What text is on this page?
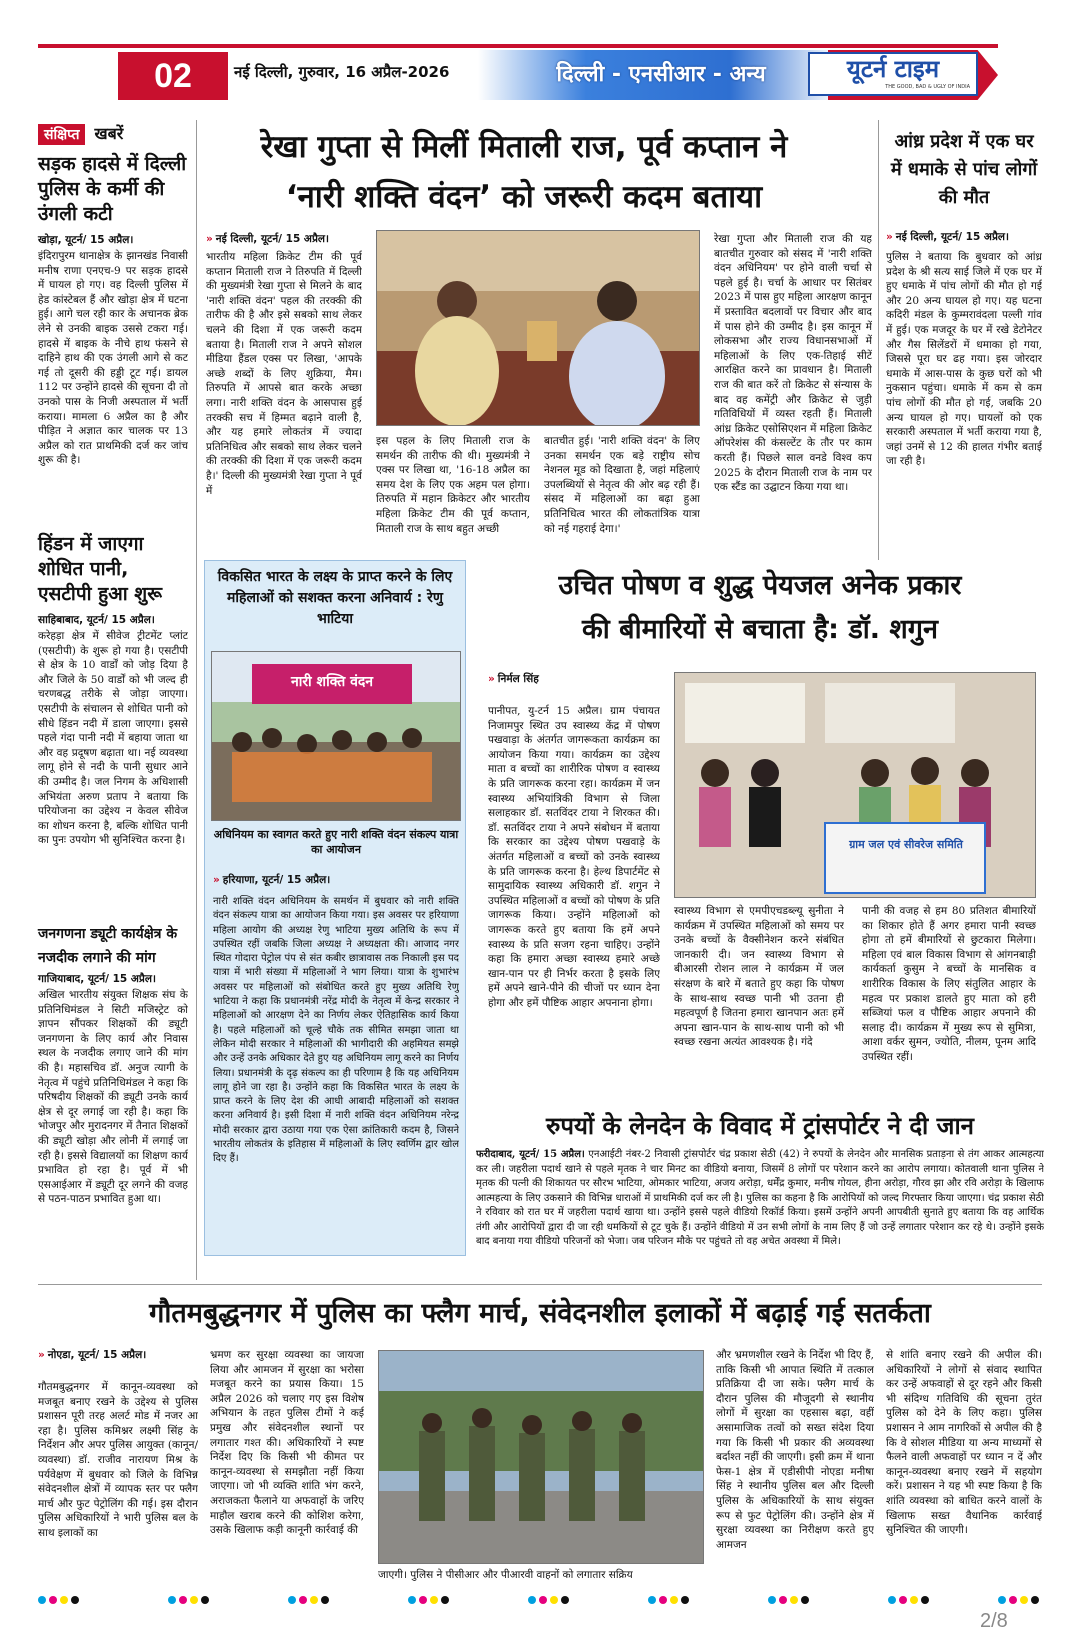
02	नई दिल्ली, गुरुवार, 16 अप्रैल-2026	दिल्ली - एनसीआर - अन्य	यूटर्न टाइम
THE GOOD, BAD & UGLY OF INDIA
संक्षिप्त खबरें
सड़क हादसे में दिल्ली पुलिस के कर्मी की उंगली कटी
खोड़ा, यूटर्न/ 15 अप्रैल।
इंदिरापुरम थानाक्षेत्र के झानखंड निवासी मनीष राणा एनएच-9 पर सड़क हादसे में घायल हो गए। वह दिल्ली पुलिस में हेड कांस्टेबल हैं और खोड़ा क्षेत्र में घटना हुई। आगे चल रही कार के अचानक ब्रेक लेने से उनकी बाइक उससे टकरा गई। हादसे में बाइक के नीचे हाथ फंसने से दाहिने हाथ की एक उंगली आगे से कट गई तो दूसरी की हड्डी टूट गई। डायल 112 पर उन्होंने हादसे की सूचना दी तो उनको पास के निजी अस्पताल में भर्ती कराया। मामला 6 अप्रैल का है और पीड़ित ने अज्ञात कार चालक पर 13 अप्रैल को रात प्राथमिकी दर्ज कर जांच शुरू की है।
हिंडन में जाएगा शोधित पानी, एसटीपी हुआ शुरू
साहिबाबाद, यूटर्न/ 15 अप्रैल।
करेहड़ा क्षेत्र में सीवेज ट्रीटमेंट प्लांट (एसटीपी) के शुरू हो गया है। एसटीपी से क्षेत्र के 10 वार्डों को जोड़ दिया है और जिले के 50 वार्डों को भी जल्द ही चरणबद्ध तरीके से जोड़ा जाएगा। एसटीपी के संचालन से शोधित पानी को सीधे हिंडन नदी में डाला जाएगा। इससे पहले गंदा पानी नदी में बहाया जाता था और वह प्रदूषण बढ़ाता था। नई व्यवस्था लागू होने से नदी के पानी सुधार आने की उम्मीद है। जल निगम के अधिशासी अभियंता अरुण प्रताप ने बताया कि परियोजना का उद्देश्य न केवल सीवेज का शोधन करना है, बल्कि शोधित पानी का पुनः उपयोग भी सुनिश्चित करना है।
जनगणना ड्यूटी कार्यक्षेत्र के नजदीक लगाने की मांग
गाजियाबाद, यूटर्न/ 15 अप्रैल।
अखिल भारतीय संयुक्त शिक्षक संघ के प्रतिनिधिमंडल ने सिटी मजिस्ट्रेट को ज्ञापन सौंपकर शिक्षकों की ड्यूटी जनगणना के लिए कार्य और निवास स्थल के नजदीक लगाए जाने की मांग की है। महासचिव डॉ. अनुज त्यागी के नेतृत्व में पहुंचे प्रतिनिधिमंडल ने कहा कि परिषदीय शिक्षकों की ड्यूटी उनके कार्य क्षेत्र से दूर लगाई जा रही है। कहा कि भोजपुर और मुरादनगर में तैनात शिक्षकों की ड्यूटी खोड़ा और लोनी में लगाई जा रही है। इससे विद्यालयों का शिक्षण कार्य प्रभावित हो रहा है। पूर्व में भी एसआईआर में ड्यूटी दूर लगने की वजह से पठन-पाठन प्रभावित हुआ था।
रेखा गुप्ता से मिलीं मिताली राज, पूर्व कप्तान ने
‘नारी शक्ति वंदन’ को जरूरी कदम बताया
» नई दिल्ली, यूटर्न/ 15 अप्रैल।
भारतीय महिला क्रिकेट टीम की पूर्व कप्तान मिताली राज ने तिरुपति में दिल्ली की मुख्यमंत्री रेखा गुप्ता से मिलने के बाद 'नारी शक्ति वंदन' पहल की तरक्की की तारीफ की है और इसे सबको साथ लेकर चलने की दिशा में एक जरूरी कदम बताया है। मिताली राज ने अपने सोशल मीडिया हैंडल एक्स पर लिखा, 'आपके अच्छे शब्दों के लिए शुक्रिया, मैम। तिरुपति में आपसे बात करके अच्छा लगा। नारी शक्ति वंदन के आसपास हुई तरक्की सच में हिम्मत बढ़ाने वाली है, और यह हमारे लोकतंत्र में ज्यादा प्रतिनिधित्व और सबको साथ लेकर चलने की तरक्की की दिशा में एक जरूरी कदम है।' दिल्ली की मुख्यमंत्री रेखा गुप्ता ने पूर्व में
इस पहल के लिए मिताली राज के समर्थन की तारीफ की थी। मुख्यमंत्री ने एक्स पर लिखा था, '16-18 अप्रैल का समय देश के लिए एक अहम पल होगा। तिरुपति में महान क्रिकेटर और भारतीय महिला क्रिकेट टीम की पूर्व कप्तान, मिताली राज के साथ बहुत अच्छी
बातचीत हुई। 'नारी शक्ति वंदन' के लिए उनका समर्थन एक बड़े राष्ट्रीय सोच नेशनल मूड को दिखाता है, जहां महिलाएं उपलब्धियों से नेतृत्व की ओर बढ़ रही हैं। संसद में महिलाओं का बढ़ा हुआ प्रतिनिधित्व भारत की लोकतांत्रिक यात्रा को नई गहराई देगा।'
रेखा गुप्ता और मिताली राज की यह बातचीत गुरुवार को संसद में 'नारी शक्ति वंदन अधिनियम' पर होने वाली चर्चा से पहले हुई है। चर्चा के आधार पर सितंबर 2023 में पास हुए महिला आरक्षण कानून में प्रस्तावित बदलावों पर विचार और बाद में पास होने की उम्मीद है। इस कानून में लोकसभा और राज्य विधानसभाओं में महिलाओं के लिए एक-तिहाई सीटें आरक्षित करने का प्रावधान है। मिताली राज की बात करें तो क्रिकेट से संन्यास के बाद वह कमेंट्री और क्रिकेट से जुड़ी गतिविधियों में व्यस्त रहती हैं। मिताली आंध्र क्रिकेट एसोसिएशन में महिला क्रिकेट ऑपरेशंस की कंसल्टेंट के तौर पर काम करती हैं। पिछले साल वनडे विश्व कप 2025 के दौरान मिताली राज के नाम पर एक स्टैंड का उद्घाटन किया गया था।
आंध्र प्रदेश में एक घर में धमाके से पांच लोगों की मौत
» नई दिल्ली, यूटर्न/ 15 अप्रैल।
पुलिस ने बताया कि बुधवार को आंध्र प्रदेश के श्री सत्य साई जिले में एक घर में हुए धमाके में पांच लोगों की मौत हो गई और 20 अन्य घायल हो गए। यह घटना कदिरी मंडल के कुम्मरावंदला पल्ली गांव में हुई। एक मजदूर के घर में रखे डेटोनेटर और गैस सिलेंडरों में धमाका हो गया, जिससे पूरा घर ढह गया। इस जोरदार धमाके में आस-पास के कुछ घरों को भी नुकसान पहुंचा। धमाके में कम से कम पांच लोगों की मौत हो गई, जबकि 20 अन्य घायल हो गए। घायलों को एक सरकारी अस्पताल में भर्ती कराया गया है, जहां उनमें से 12 की हालत गंभीर बताई जा रही है।
विकसित भारत के लक्ष्य के प्राप्त करने के लिए महिलाओं को सशक्त करना अनिवार्य : रेणु भाटिया
नारी शक्ति वंदन
अधिनियम का स्वागत करते हुए नारी शक्ति वंदन संकल्प यात्रा का आयोजन
» हरियाणा, यूटर्न/ 15 अप्रैल।
नारी शक्ति वंदन अधिनियम के समर्थन में बुधवार को नारी शक्ति वंदन संकल्प यात्रा का आयोजन किया गया। इस अवसर पर हरियाणा महिला आयोग की अध्यक्ष रेणु भाटिया मुख्य अतिथि के रूप में उपस्थित रहीं जबकि जिला अध्यक्ष ने अध्यक्षता की। आजाद नगर स्थित गोदारा पेट्रोल पंप से संत कबीर छात्रावास तक निकाली इस पद यात्रा में भारी संख्या में महिलाओं ने भाग लिया। यात्रा के शुभारंभ अवसर पर महिलाओं को संबोधित करते हुए मुख्य अतिथि रेणु भाटिया ने कहा कि प्रधानमंत्री नरेंद्र मोदी के नेतृत्व में केन्द्र सरकार ने महिलाओं को आरक्षण देने का निर्णय लेकर ऐतिहासिक कार्य किया है। पहले महिलाओं को चूल्हे चौके तक सीमित समझा जाता था लेकिन मोदी सरकार ने महिलाओं की भागीदारी की अहमियत समझे और उन्हें उनके अधिकार देते हुए यह अधिनियम लागू करने का निर्णय लिया। प्रधानमंत्री के दृढ़ संकल्प का ही परिणाम है कि यह अधिनियम लागू होने जा रहा है। उन्होंने कहा कि विकसित भारत के लक्ष्य के प्राप्त करने के लिए देश की आधी आबादी महिलाओं को सशक्त करना अनिवार्य है। इसी दिशा में नारी शक्ति वंदन अधिनियम नरेन्द्र मोदी सरकार द्वारा उठाया गया एक ऐसा क्रांतिकारी कदम है, जिसने भारतीय लोकतंत्र के इतिहास में महिलाओं के लिए स्वर्णिम द्वार खोल दिए हैं।
उचित पोषण व शुद्ध पेयजल अनेक प्रकार
की बीमारियों से बचाता है: डॉ. शगुन
» निर्मल सिंह
पानीपत, यु-टर्न 15 अप्रैल। ग्राम पंचायत निजामपुर स्थित उप स्वास्थ्य केंद्र में पोषण पखवाड़ा के अंतर्गत जागरूकता कार्यक्रम का आयोजन किया गया। कार्यक्रम का उद्देश्य माता व बच्चों का शारीरिक पोषण व स्वास्थ्य के प्रति जागरूक करना रहा। कार्यक्रम में जन स्वास्थ्य अभियांत्रिकी विभाग से जिला सलाहकार डॉ. सतविंदर टाया ने शिरकत की। डॉ. सतविंदर टाया ने अपने संबोधन में बताया कि सरकार का उद्देश्य पोषण पखवाड़े के अंतर्गत महिलाओं व बच्चों को उनके स्वास्थ्य के प्रति जागरूक करना है। हेल्थ डिपार्टमेंट से सामुदायिक स्वास्थ्य अधिकारी डॉ. शगुन ने उपस्थित महिलाओं व बच्चों को पोषण के प्रति जागरूक किया। उन्होंने महिलाओं को जागरूक करते हुए बताया कि हमें अपने स्वास्थ्य के प्रति सजग रहना चाहिए। उन्होंने कहा कि हमारा अच्छा स्वास्थ्य हमारे अच्छे खान-पान पर ही निर्भर करता है इसके लिए हमें अपने खाने-पीने की चीजों पर ध्यान देना होगा और हमें पौष्टिक आहार अपनाना होगा।
ग्राम जल एवं सीवरेज समिति
स्वास्थ्य विभाग से एमपीएचडब्ल्यू सुनीता ने कार्यक्रम में उपस्थित महिलाओं को समय पर उनके बच्चों के वैक्सीनेशन करने संबंधित जानकारी दी। जन स्वास्थ्य विभाग से बीआरसी रोशन लाल ने कार्यक्रम में जल संरक्षण के बारे में बताते हुए कहा कि पोषण के साथ-साथ स्वच्छ पानी भी उतना ही महत्वपूर्ण है जितना हमारा खानपान अतः हमें अपना खान-पान के साथ-साथ पानी को भी स्वच्छ रखना अत्यंत आवश्यक है। गंदे
पानी की वजह से हम 80 प्रतिशत बीमारियों का शिकार होते हैं अगर हमारा पानी स्वच्छ होगा तो हमें बीमारियों से छुटकारा मिलेगा। महिला एवं बाल विकास विभाग से आंगनबाड़ी कार्यकर्ता कुसुम ने बच्चों के मानसिक व शारीरिक विकास के लिए संतुलित आहार के महत्व पर प्रकाश डालते हुए माता को हरी सब्जियां फल व पौष्टिक आहार अपनाने की सलाह दी। कार्यक्रम में मुख्य रूप से सुमित्रा, आशा वर्कर सुमन, ज्योति, नीलम, पूनम आदि उपस्थित रहीं।
रुपयों के लेनदेन के विवाद में ट्रांसपोर्टर ने दी जान
फरीदाबाद, यूटर्न/ 15 अप्रैल। एनआईटी नंबर-2 निवासी ट्रांसपोर्टर चंद्र प्रकाश सेठी (42) ने रुपयों के लेनदेन और मानसिक प्रताड़ना से तंग आकर आत्महत्या कर ली। जहरीला पदार्थ खाने से पहले मृतक ने चार मिनट का वीडियो बनाया, जिसमें 8 लोगों पर परेशान करने का आरोप लगाया। कोतवाली थाना पुलिस ने मृतक की पत्नी की शिकायत पर सौरभ भाटिया, ओमकार भाटिया, अजय अरोड़ा, धर्मेंद्र कुमार, मनीष गोयल, हीना अरोड़ा, गौरव झा और रवि अरोड़ा के खिलाफ आत्महत्या के लिए उकसाने की विभिन्न धाराओं में प्राथमिकी दर्ज कर ली है। पुलिस का कहना है कि आरोपियों को जल्द गिरफ्तार किया जाएगा। चंद्र प्रकाश सेठी ने रविवार को रात घर में जहरीला पदार्थ खाया था। उन्होंने इससे पहले वीडियो रिकॉर्ड किया। इसमें उन्होंने अपनी आपबीती सुनाते हुए बताया कि वह आर्थिक तंगी और आरोपियों द्वारा दी जा रही धमकियों से टूट चुके हैं। उन्होंने वीडियो में उन सभी लोगों के नाम लिए हैं जो उन्हें लगातार परेशान कर रहे थे। उन्होंने इसके बाद बनाया गया वीडियो परिजनों को भेजा। जब परिजन मौके पर पहुंचते तो वह अचेत अवस्था में मिले।
गौतमबुद्धनगर में पुलिस का फ्लैग मार्च, संवेदनशील इलाकों में बढ़ाई गई सतर्कता
» नोएडा, यूटर्न/ 15 अप्रैल।
गौतमबुद्धनगर में कानून-व्यवस्था को मजबूत बनाए रखने के उद्देश्य से पुलिस प्रशासन पूरी तरह अलर्ट मोड में नजर आ रहा है। पुलिस कमिश्नर लक्ष्मी सिंह के निर्देशन और अपर पुलिस आयुक्त (कानून/व्यवस्था) डॉ. राजीव नारायण मिश्र के पर्यवेक्षण में बुधवार को जिले के विभिन्न संवेदनशील क्षेत्रों में व्यापक स्तर पर फ्लैग मार्च और फुट पेट्रोलिंग की गई। इस दौरान पुलिस अधिकारियों ने भारी पुलिस बल के साथ इलाकों का
भ्रमण कर सुरक्षा व्यवस्था का जायजा लिया और आमजन में सुरक्षा का भरोसा मजबूत करने का प्रयास किया। 15 अप्रैल 2026 को चलाए गए इस विशेष अभियान के तहत पुलिस टीमों ने कई प्रमुख और संवेदनशील स्थानों पर लगातार गश्त की। अधिकारियों ने स्पष्ट निर्देश दिए कि किसी भी कीमत पर कानून-व्यवस्था से समझौता नहीं किया जाएगा। जो भी व्यक्ति शांति भंग करने, अराजकता फैलाने या अफवाहों के जरिए माहौल खराब करने की कोशिश करेगा, उसके खिलाफ कड़ी कानूनी कार्रवाई की
जाएगी। पुलिस ने पीसीआर और पीआरवी वाहनों को लगातार सक्रिय
और भ्रमणशील रखने के निर्देश भी दिए हैं, ताकि किसी भी आपात स्थिति में तत्काल प्रतिक्रिया दी जा सके। फ्लैग मार्च के दौरान पुलिस की मौजूदगी से स्थानीय लोगों में सुरक्षा का एहसास बढ़ा, वहीं असामाजिक तत्वों को सख्त संदेश दिया गया कि किसी भी प्रकार की अव्यवस्था बर्दाश्त नहीं की जाएगी। इसी क्रम में थाना फेस-1 क्षेत्र में एडीसीपी नोएडा मनीषा सिंह ने स्थानीय पुलिस बल और दिल्ली पुलिस के अधिकारियों के साथ संयुक्त रूप से फुट पेट्रोलिंग की। उन्होंने क्षेत्र में सुरक्षा व्यवस्था का निरीक्षण करते हुए आमजन
से शांति बनाए रखने की अपील की। अधिकारियों ने लोगों से संवाद स्थापित कर उन्हें अफवाहों से दूर रहने और किसी भी संदिग्ध गतिविधि की सूचना तुरंत पुलिस को देने के लिए कहा। पुलिस प्रशासन ने आम नागरिकों से अपील की है कि वे सोशल मीडिया या अन्य माध्यमों से फैलने वाली अफवाहों पर ध्यान न दें और कानून-व्यवस्था बनाए रखने में सहयोग करें। प्रशासन ने यह भी स्पष्ट किया है कि शांति व्यवस्था को बाधित करने वालों के खिलाफ सख्त वैधानिक कार्रवाई सुनिश्चित की जाएगी।
2/8
